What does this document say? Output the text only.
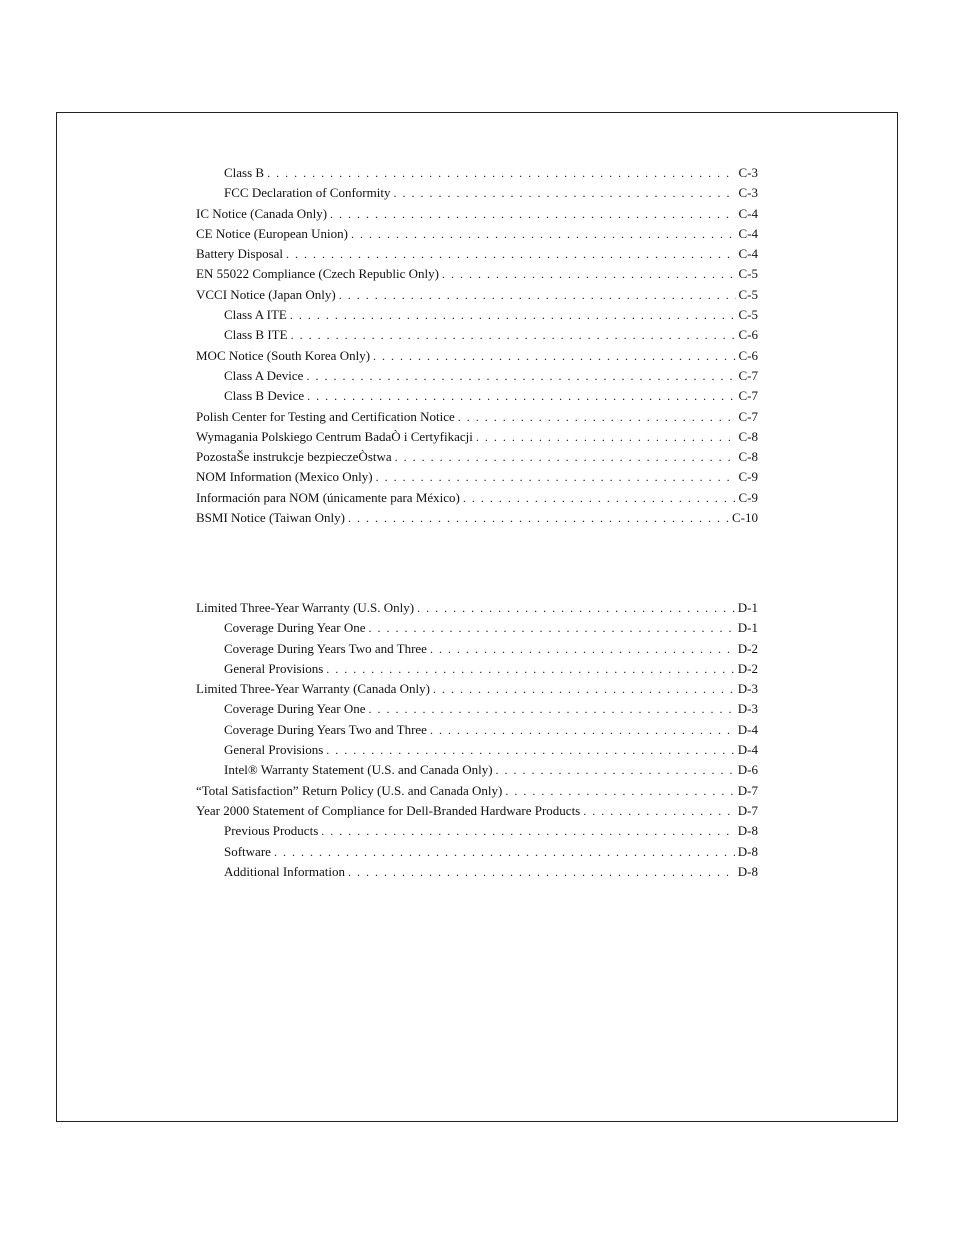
Class B . . .	C-3
FCC Declaration of Conformity . . .	C-3
IC Notice (Canada Only) . . .	C-4
CE Notice (European Union) . . .	C-4
Battery Disposal . . .	C-4
EN 55022 Compliance (Czech Republic Only) . . .	C-5
VCCI Notice (Japan Only) . . .	C-5
Class A ITE . . .	C-5
Class B ITE . . .	C-6
MOC Notice (South Korea Only) . . .	C-6
Class A Device . . .	C-7
Class B Device . . .	C-7
Polish Center for Testing and Certification Notice . . .	C-7
Wymagania Polskiego Centrum BadaÒ i Certyfikacji . . .	C-8
PozostaŠe instrukcje bezpieczeÒstwa . . .	C-8
NOM Information (Mexico Only) . . .	C-9
Información para NOM (únicamente para México) . . .	C-9
BSMI Notice (Taiwan Only) . . .	C-10
Limited Three-Year Warranty (U.S. Only) . . .	D-1
Coverage During Year One . . .	D-1
Coverage During Years Two and Three . . .	D-2
General Provisions . . .	D-2
Limited Three-Year Warranty (Canada Only) . . .	D-3
Coverage During Year One . . .	D-3
Coverage During Years Two and Three . . .	D-4
General Provisions . . .	D-4
Intel® Warranty Statement (U.S. and Canada Only) . . .	D-6
“Total Satisfaction” Return Policy (U.S. and Canada Only) . . .	D-7
Year 2000 Statement of Compliance for Dell-Branded Hardware Products . . .	D-7
Previous Products . . .	D-8
Software . . .	D-8
Additional Information . . .	D-8
